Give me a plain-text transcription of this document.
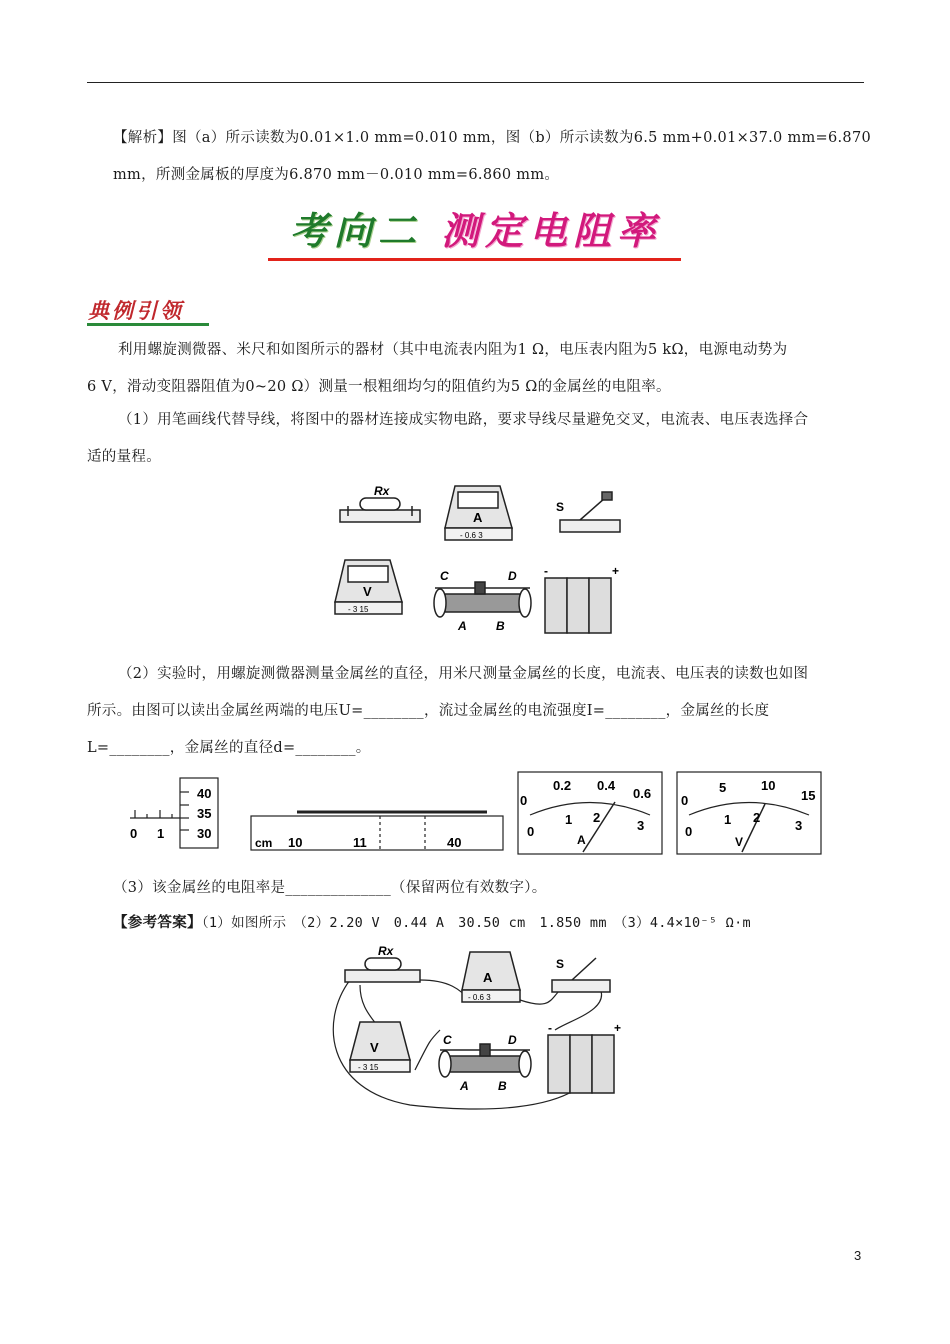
【解析】图（a）所示读数为0.01×1.0 mm=0.010 mm，图（b）所示读数为6.5 mm+0.01×37.0 mm=6.870
mm，所测金属板的厚度为6.870 mm－0.010 mm=6.860 mm。
考向二 测定电阻率
典例引领
利用螺旋测微器、米尺和如图所示的器材（其中电流表内阻为1 Ω，电压表内阻为5 kΩ，电源电动势为
6 V，滑动变阻器阻值为0~20 Ω）测量一根粗细均匀的阻值约为5 Ω的金属丝的电阻率。
（1）用笔画线代替导线，将图中的器材连接成实物电路，要求导线尽量避免交叉，电流表、电压表选择合
适的量程。
Rx
A
- 0.6 3
S
V
- 3 15
C	D
A B
-	+
（2）实验时，用螺旋测微器测量金属丝的直径，用米尺测量金属丝的长度，电流表、电压表的读数也如图
所示。由图可以读出金属丝两端的电压U=________，流过金属丝的电流强度I=________，金属丝的长度
L=________，金属丝的直径d=________。
40
35
30
0 1
cm 10	11	40
0
0.2 0.4
0.6
0
1 2
3
A
0
5	10
15
0
1 2
3
V
（3）该金属丝的电阻率是______________（保留两位有效数字）。
【参考答案】（1）如图所示　（2）2.20 V　0.44 A　30.50 cm　1.850 mm　（3）4.4×10⁻⁵ Ω·m
Rx
A
- 0.6 3
S
V
- 3 15
C	D
A B
-	+
3
